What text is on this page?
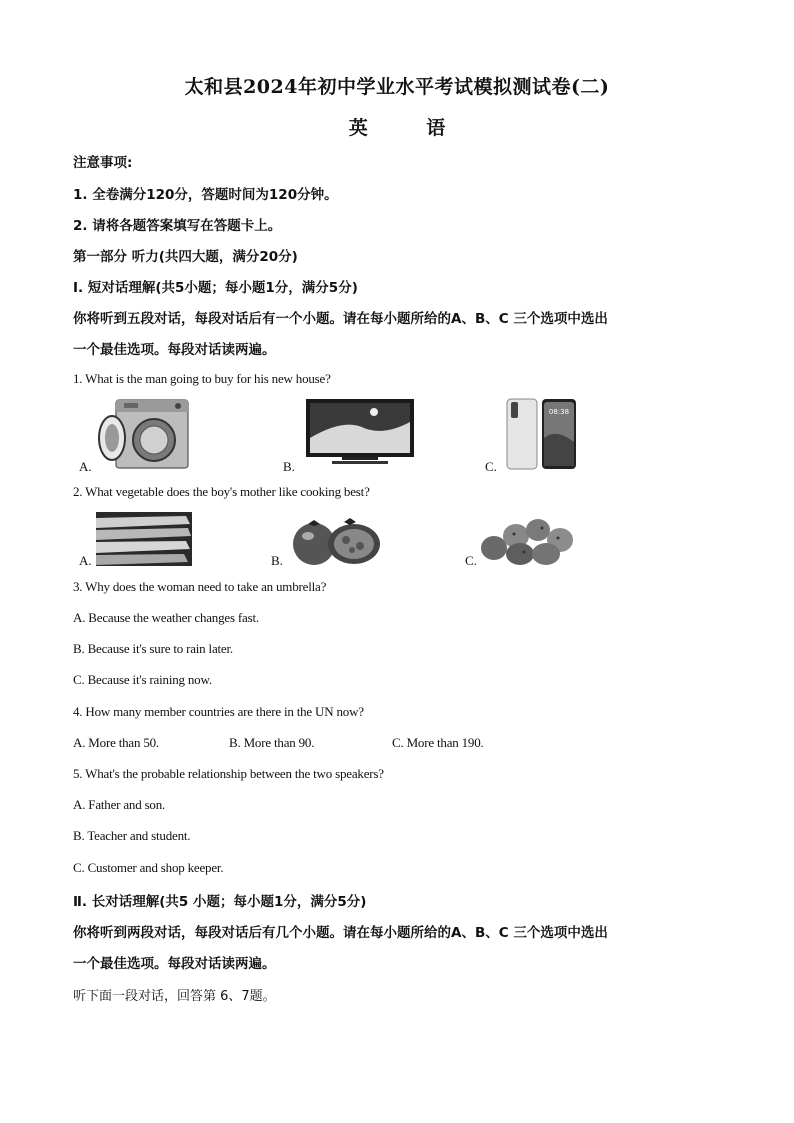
太和县2024年初中学业水平考试模拟测试卷(二)
英 语
注意事项:
1. 全卷满分120分，答题时间为120分钟。
2. 请将各题答案填写在答题卡上。
第一部分 听力(共四大题，满分20分)
Ⅰ. 短对话理解(共5小题；每小题1分，满分5分)
你将听到五段对话，每段对话后有一个小题。请在每小题所给的A、B、C 三个选项中选出
一个最佳选项。每段对话读两遍。
1. What is the man going to buy for his new house?
A.	B.
08:38
C.
2. What vegetable does the boy's mother like cooking best?
A.	B.	C.
3. Why does the woman need to take an umbrella?
A. Because the weather changes fast.
B. Because it's sure to rain later.
C. Because it's raining now.
4. How many member countries are there in the UN now?
A. More than 50.	B. More than 90.	C. More than 190.
5. What's the probable relationship between the two speakers?
A. Father and son.
B. Teacher and student.
C. Customer and shop keeper.
Ⅱ. 长对话理解(共5 小题；每小题1分，满分5分)
你将听到两段对话，每段对话后有几个小题。请在每小题所给的A、B、C 三个选项中选出
一个最佳选项。每段对话读两遍。
听下面一段对话，回答第 6、7题。
